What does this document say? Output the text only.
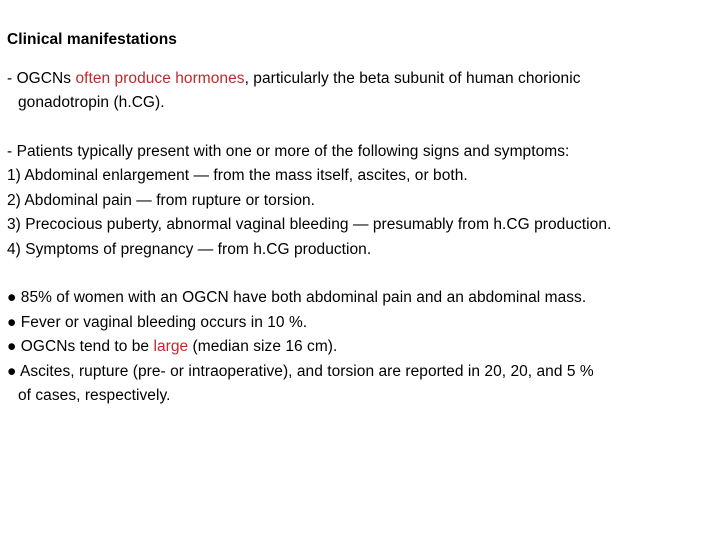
Clinical manifestations
- OGCNs often produce hormones, particularly the beta subunit of human chorionic
gonadotropin (h.CG).
- Patients typically present with one or more of the following signs and symptoms:
1) Abdominal enlargement — from the mass itself, ascites, or both.
2) Abdominal pain — from rupture or torsion.
3) Precocious puberty, abnormal vaginal bleeding — presumably from h.CG production.
4) Symptoms of pregnancy — from h.CG production.
● 85% of women with an OGCN have both abdominal pain and an abdominal mass.
● Fever or vaginal bleeding occurs in 10 %.
● OGCNs tend to be large (median size 16 cm).
● Ascites, rupture (pre- or intraoperative), and torsion are reported in 20, 20, and 5 %
of cases, respectively.
